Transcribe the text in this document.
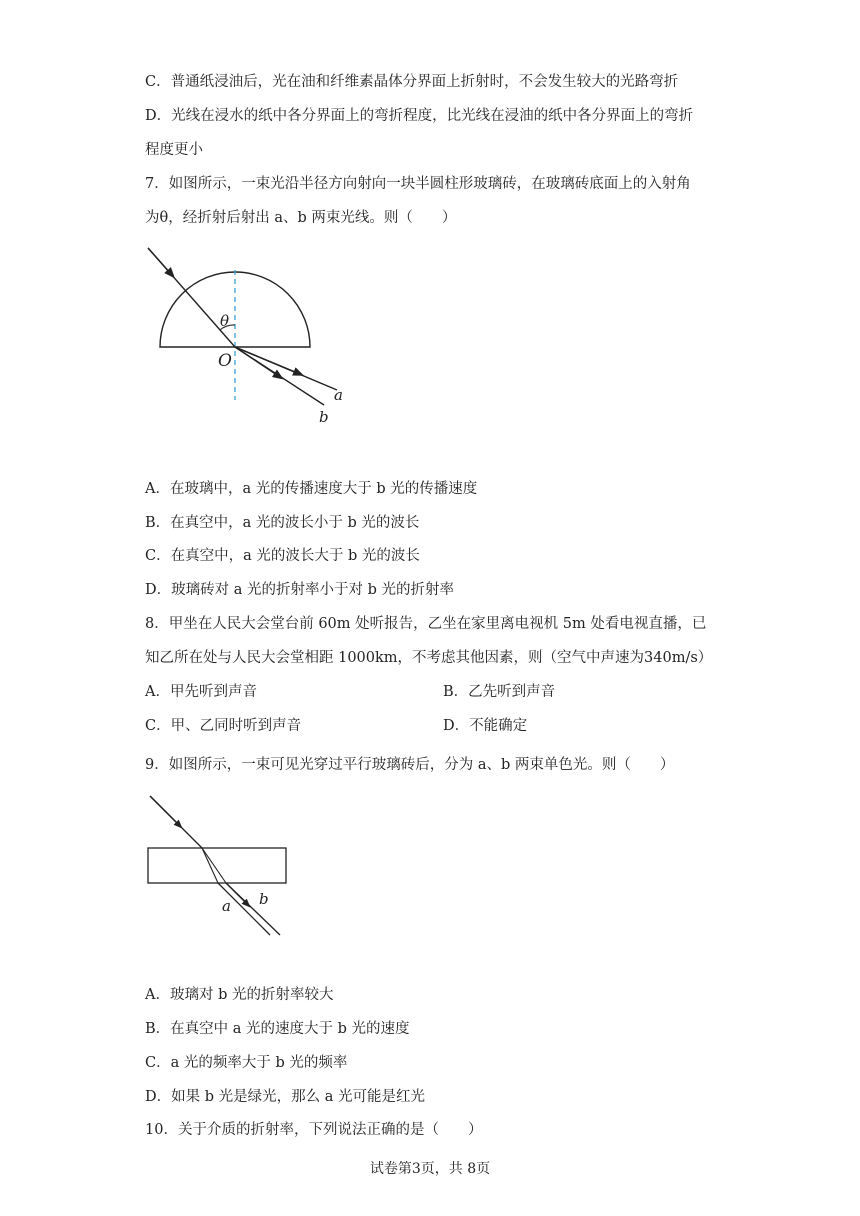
C．普通纸浸油后，光在油和纤维素晶体分界面上折射时，不会发生较大的光路弯折
D．光线在浸水的纸中各分界面上的弯折程度，比光线在浸油的纸中各分界面上的弯折
程度更小
7．如图所示，一束光沿半径方向射向一块半圆柱形玻璃砖，在玻璃砖底面上的入射角
为θ，经折射后射出 a、b 两束光线。则（　　）
θ
O
a
b
A．在玻璃中，a 光的传播速度大于 b 光的传播速度
B．在真空中，a 光的波长小于 b 光的波长
C．在真空中，a 光的波长大于 b 光的波长
D．玻璃砖对 a 光的折射率小于对 b 光的折射率
8．甲坐在人民大会堂台前 60m 处听报告，乙坐在家里离电视机 5m 处看电视直播，已
知乙所在处与人民大会堂相距 1000km，不考虑其他因素，则（空气中声速为340m/s）
A．甲先听到声音	B．乙先听到声音
C．甲、乙同时听到声音	D．不能确定
9．如图所示，一束可见光穿过平行玻璃砖后，分为 a、b 两束单色光。则（　　）
a b
A．玻璃对 b 光的折射率较大
B．在真空中 a 光的速度大于 b 光的速度
C．a 光的频率大于 b 光的频率
D．如果 b 光是绿光，那么 a 光可能是红光
10．关于介质的折射率，下列说法正确的是（　　）
试卷第3页，共 8页
